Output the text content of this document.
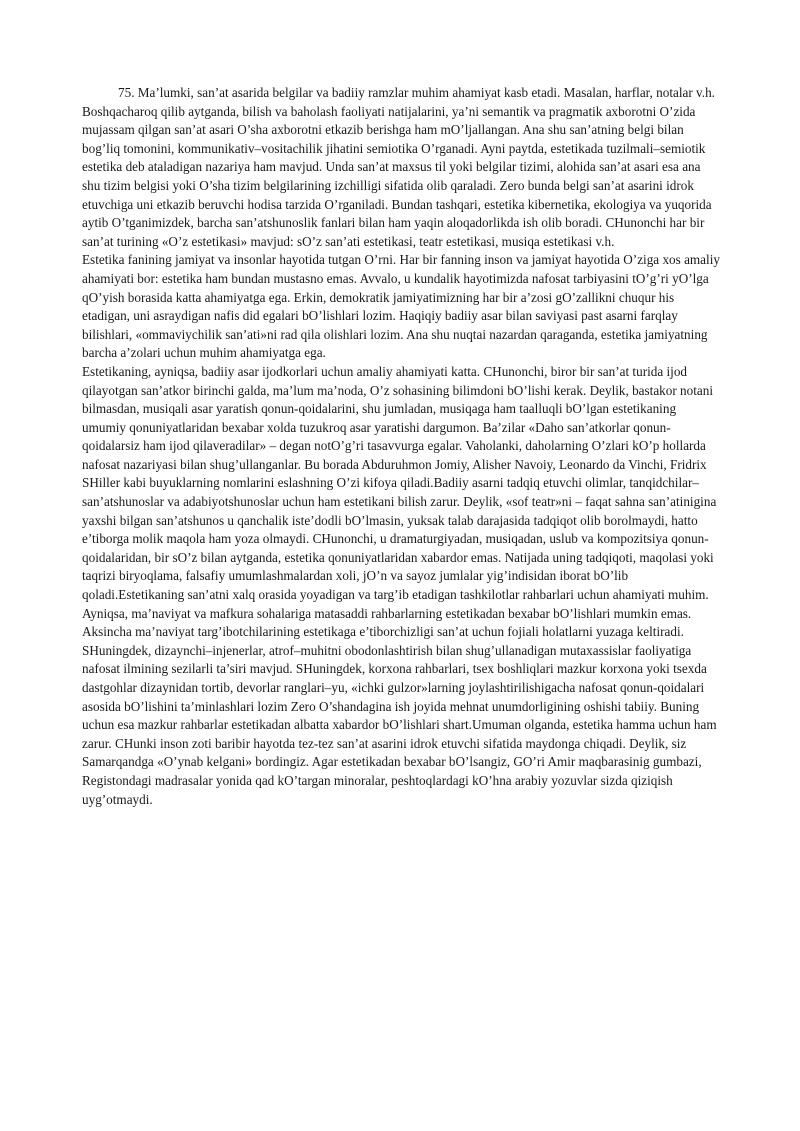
75. Ma’lumki, san’at asarida belgilar va badiiy ramzlar muhim ahamiyat kasb etadi. Masalan, harflar, notalar v.h. Boshqacharoq qilib aytganda, bilish va baholash faoliyati natijalarini, ya’ni semantik va pragmatik axborotni O’zida mujassam qilgan san’at asari O’sha axborotni etkazib berishga ham mO’ljallangan. Ana shu san’atning belgi bilan bog’liq tomonini, kommunikativ–vositachilik jihatini semiotika O’rganadi. Ayni paytda, estetikada tuzilmali–semiotik estetika deb ataladigan nazariya ham mavjud. Unda san’at maxsus til yoki belgilar tizimi, alohida san’at asari esa ana shu tizim belgisi yoki O’sha tizim belgilarining izchilligi sifatida olib qaraladi. Zero bunda belgi san’at asarini idrok etuvchiga uni etkazib beruvchi hodisa tarzida O’rganiladi. Bundan tashqari, estetika kibernetika, ekologiya va yuqorida aytib O’tganimizdek, barcha san’atshunoslik fanlari bilan ham yaqin aloqadorlikda ish olib boradi. CHunonchi har bir san’at turining «O’z estetikasi» mavjud: sO’z san’ati estetikasi, teatr estetikasi, musiqa estetikasi v.h.

Estetika fanining jamiyat va insonlar hayotida tutgan O’rni. Har bir fanning inson va jamiyat hayotida O’ziga xos amaliy ahamiyati bor: estetika ham bundan mustasno emas. Avvalo, u kundalik hayotimizda nafosat tarbiyasini tO’g’ri yO’lga qO’yish borasida katta ahamiyatga ega. Erkin, demokratik jamiyatimizning har bir a’zosi gO’zallikni chuqur his etadigan, uni asraydigan nafis did egalari bO’lishlari lozim. Haqiqiy badiiy asar bilan saviyasi past asarni farqlay bilishlari, «ommaviychilik san’ati»ni rad qila olishlari lozim. Ana shu nuqtai nazardan qaraganda, estetika jamiyatning barcha a’zolari uchun muhim ahamiyatga ega.

Estetikaning, ayniqsa, badiiy asar ijodkorlari uchun amaliy ahamiyati katta. CHunonchi, biror bir san’at turida ijod qilayotgan san’atkor birinchi galda, ma’lum ma’noda, O’z sohasining bilimdoni bO’lishi kerak. Deylik, bastakor notani bilmasdan, musiqali asar yaratish qonun-qoidalarini, shu jumladan, musiqaga ham taalluqli bO’lgan estetikaning umumiy qonuniyatlaridan bexabar xolda tuzukroq asar yaratishi dargumon. Ba’zilar «Daho san’atkorlar qonun-qoidalarsiz ham ijod qilaveradilar» – degan notO’g’ri tasavvurga egalar. Vaholanki, daholarning O’zlari kO’p hollarda nafosat nazariyasi bilan shug’ullanganlar. Bu borada Abduruhmon Jomiy, Alisher Navoiy, Leonardo da Vinchi, Fridrix SHiller kabi buyuklarning nomlarini eslashning O’zi kifoya qiladi.Badiiy asarni tadqiq etuvchi olimlar, tanqidchilar–san’atshunoslar va adabiyotshunoslar uchun ham estetikani bilish zarur. Deylik, «sof teatr»ni – faqat sahna san’atinigina yaxshi bilgan san’atshunos u qanchalik iste’dodli bO’lmasin, yuksak talab darajasida tadqiqot olib borolmaydi, hatto e’tiborga molik maqola ham yoza olmaydi. CHunonchi, u dramaturgiyadan, musiqadan, uslub va kompozitsiya qonun-qoidalaridan, bir sO’z bilan aytganda, estetika qonuniyatlaridan xabardor emas. Natijada uning tadqiqoti, maqolasi yoki taqrizi biryoqlama, falsafiy umumlashmalardan xoli, jO’n va sayoz jumlalar yig’indisidan iborat bO’lib qoladi.Estetikaning san’atni xalq orasida yoyadigan va targ’ib etadigan tashkilotlar rahbarlari uchun ahamiyati muhim. Ayniqsa, ma’naviyat va mafkura sohalariga matasaddi rahbarlarning estetikadan bexabar bO’lishlari mumkin emas. Aksincha ma’naviyat targ’ibotchilarining estetikaga e’tiborchizligi san’at uchun fojiali holatlarni yuzaga keltiradi.

SHuningdek, dizaynchi–injenerlar, atrof–muhitni obodonlashtirish bilan shug’ullanadigan mutaxassislar faoliyatiga nafosat ilmining sezilarli ta’siri mavjud. SHuningdek, korxona rahbarlari, tsex boshliqlari mazkur korxona yoki tsexda dastgohlar dizaynidan tortib, devorlar ranglari–yu, «ichki gulzor»larning joylashtirilishigacha nafosat qonun-qoidalari asosida bO’lishini ta’minlashlari lozim Zero O’shandagina ish joyida mehnat unumdorligining oshishi tabiiy. Buning uchun esa mazkur rahbarlar estetikadan albatta xabardor bO’lishlari shart.Umuman olganda, estetika hamma uchun ham zarur. CHunki inson zoti baribir hayotda tez-tez san’at asarini idrok etuvchi sifatida maydonga chiqadi. Deylik, siz Samarqandga «O’ynab kelgani» bordingiz. Agar estetikadan bexabar bO’lsangiz, GO’ri Amir maqbarasinig gumbazi, Registondagi madrasalar yonida qad kO’targan minoralar, peshtoqlardagi kO’hna arabiy yozuvlar sizda qiziqish uyg’otmaydi.
